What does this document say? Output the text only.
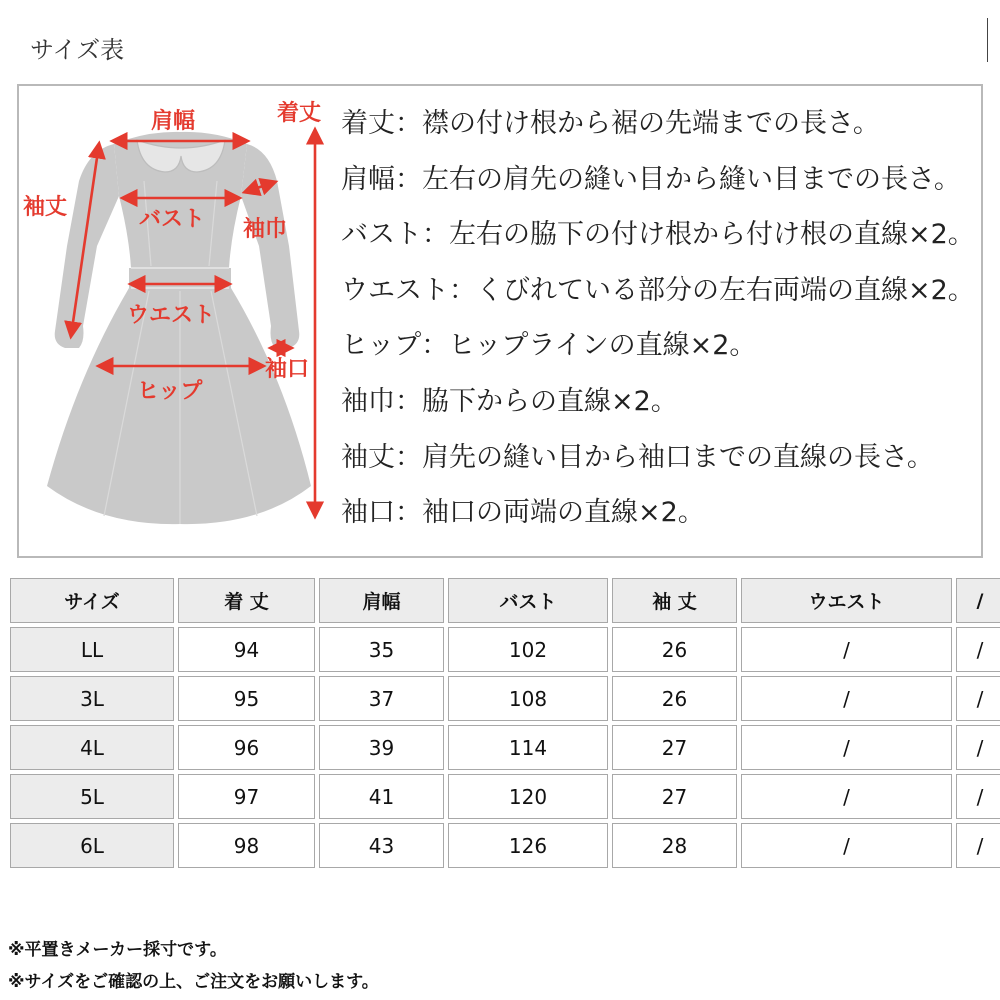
サイズ表
肩幅	着丈
袖丈	バスト 袖巾
ウエスト
袖口
ヒップ
着丈：襟の付け根から裾の先端までの長さ。
肩幅：左右の肩先の縫い目から縫い目までの長さ。
バスト：左右の脇下の付け根から付け根の直線×2。
ウエスト：くびれている部分の左右両端の直線×2。
ヒップ：ヒップラインの直線×2。
袖巾：脇下からの直線×2。
袖丈：肩先の縫い目から袖口までの直線の長さ。
袖口：袖口の両端の直線×2。
サイズ	着 丈	肩幅	バスト	袖 丈	ウエスト	/
LL	94	35	102	26	/	/
3L	95	37	108	26	/	/
4L	96	39	114	27	/	/
5L	97	41	120	27	/	/
6L	98	43	126	28	/	/
※平置きメーカー採寸です。
※サイズをご確認の上、ご注文をお願いします。
